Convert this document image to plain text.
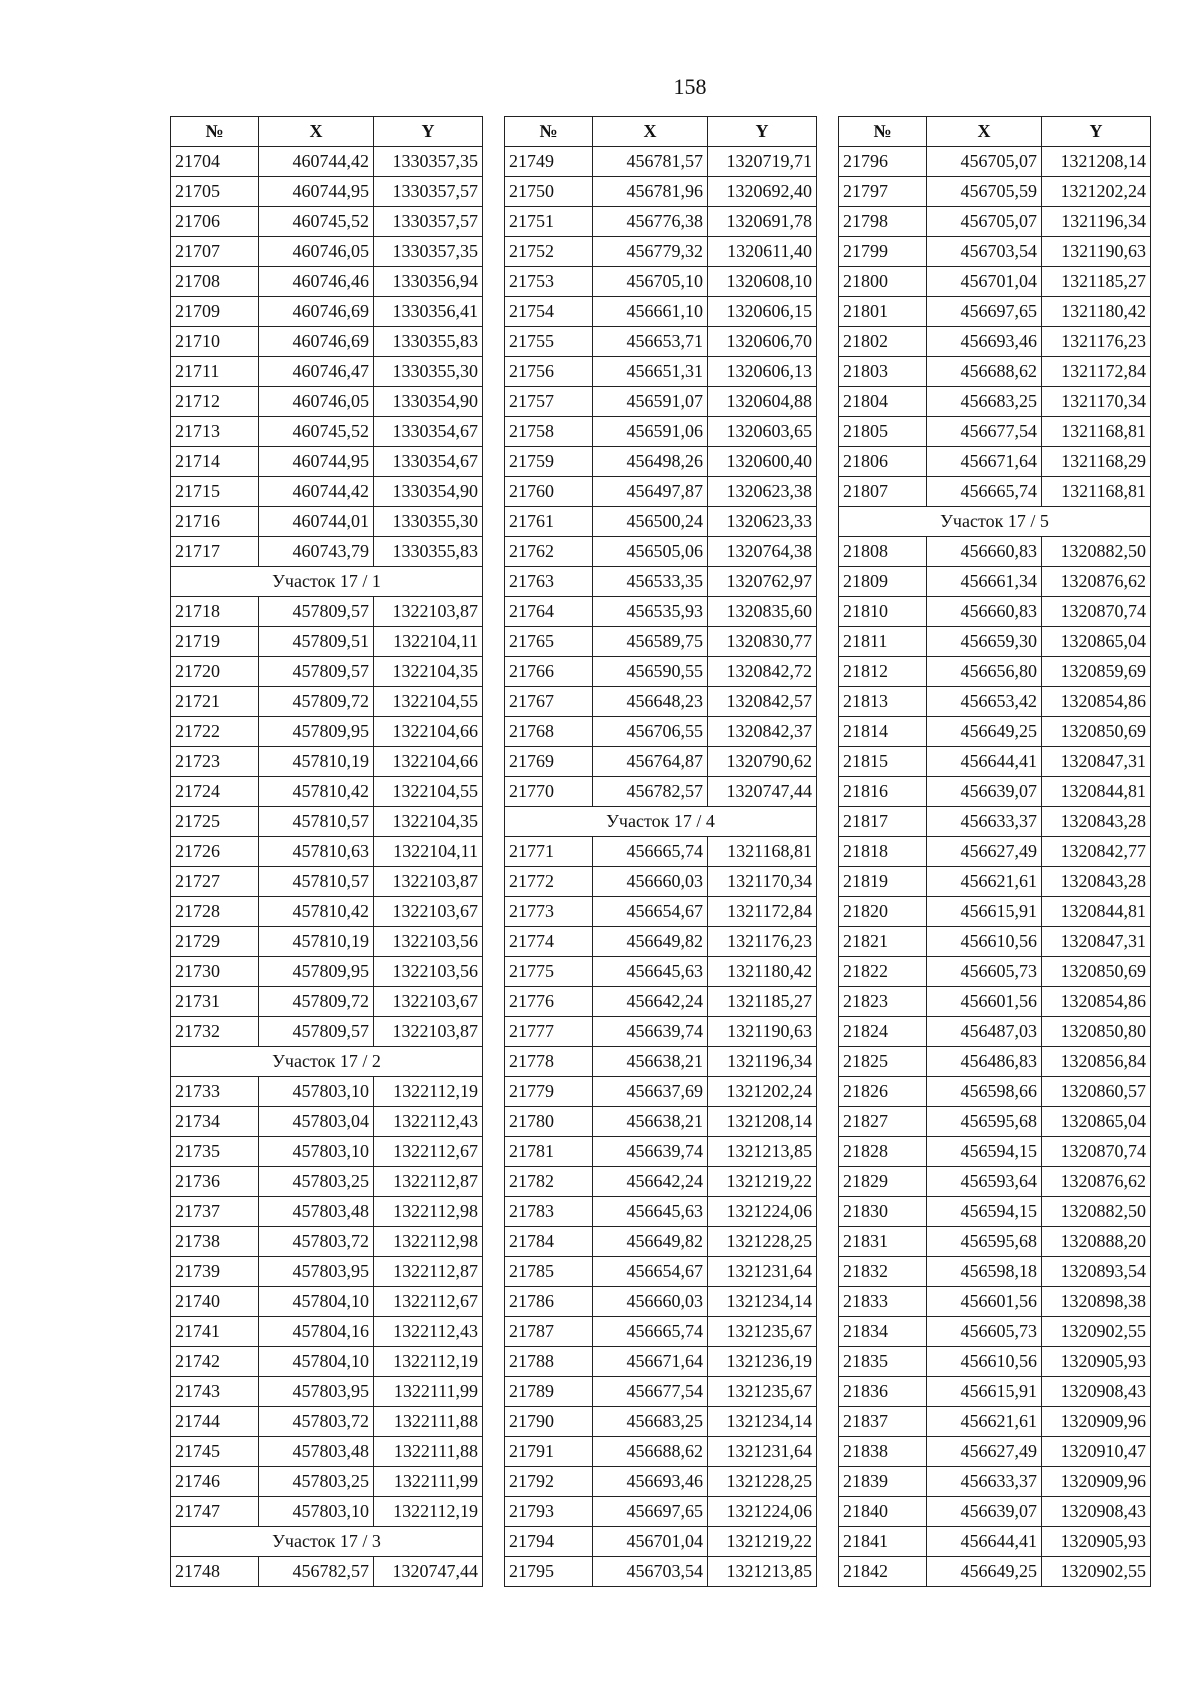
158
№	X	Y
21704	460744,42	1330357,35
21705	460744,95	1330357,57
21706	460745,52	1330357,57
21707	460746,05	1330357,35
21708	460746,46	1330356,94
21709	460746,69	1330356,41
21710	460746,69	1330355,83
21711	460746,47	1330355,30
21712	460746,05	1330354,90
21713	460745,52	1330354,67
21714	460744,95	1330354,67
21715	460744,42	1330354,90
21716	460744,01	1330355,30
21717	460743,79	1330355,83
Участок 17 / 1		
21718	457809,57	1322103,87
21719	457809,51	1322104,11
21720	457809,57	1322104,35
21721	457809,72	1322104,55
21722	457809,95	1322104,66
21723	457810,19	1322104,66
21724	457810,42	1322104,55
21725	457810,57	1322104,35
21726	457810,63	1322104,11
21727	457810,57	1322103,87
21728	457810,42	1322103,67
21729	457810,19	1322103,56
21730	457809,95	1322103,56
21731	457809,72	1322103,67
21732	457809,57	1322103,87
Участок 17 / 2		
21733	457803,10	1322112,19
21734	457803,04	1322112,43
21735	457803,10	1322112,67
21736	457803,25	1322112,87
21737	457803,48	1322112,98
21738	457803,72	1322112,98
21739	457803,95	1322112,87
21740	457804,10	1322112,67
21741	457804,16	1322112,43
21742	457804,10	1322112,19
21743	457803,95	1322111,99
21744	457803,72	1322111,88
21745	457803,48	1322111,88
21746	457803,25	1322111,99
21747	457803,10	1322112,19
Участок 17 / 3		
21748	456782,57	1320747,44
№	X	Y
21749	456781,57	1320719,71
21750	456781,96	1320692,40
21751	456776,38	1320691,78
21752	456779,32	1320611,40
21753	456705,10	1320608,10
21754	456661,10	1320606,15
21755	456653,71	1320606,70
21756	456651,31	1320606,13
21757	456591,07	1320604,88
21758	456591,06	1320603,65
21759	456498,26	1320600,40
21760	456497,87	1320623,38
21761	456500,24	1320623,33
21762	456505,06	1320764,38
21763	456533,35	1320762,97
21764	456535,93	1320835,60
21765	456589,75	1320830,77
21766	456590,55	1320842,72
21767	456648,23	1320842,57
21768	456706,55	1320842,37
21769	456764,87	1320790,62
21770	456782,57	1320747,44
Участок 17 / 4		
21771	456665,74	1321168,81
21772	456660,03	1321170,34
21773	456654,67	1321172,84
21774	456649,82	1321176,23
21775	456645,63	1321180,42
21776	456642,24	1321185,27
21777	456639,74	1321190,63
21778	456638,21	1321196,34
21779	456637,69	1321202,24
21780	456638,21	1321208,14
21781	456639,74	1321213,85
21782	456642,24	1321219,22
21783	456645,63	1321224,06
21784	456649,82	1321228,25
21785	456654,67	1321231,64
21786	456660,03	1321234,14
21787	456665,74	1321235,67
21788	456671,64	1321236,19
21789	456677,54	1321235,67
21790	456683,25	1321234,14
21791	456688,62	1321231,64
21792	456693,46	1321228,25
21793	456697,65	1321224,06
21794	456701,04	1321219,22
21795	456703,54	1321213,85
№	X	Y
21796	456705,07	1321208,14
21797	456705,59	1321202,24
21798	456705,07	1321196,34
21799	456703,54	1321190,63
21800	456701,04	1321185,27
21801	456697,65	1321180,42
21802	456693,46	1321176,23
21803	456688,62	1321172,84
21804	456683,25	1321170,34
21805	456677,54	1321168,81
21806	456671,64	1321168,29
21807	456665,74	1321168,81
Участок 17 / 5		
21808	456660,83	1320882,50
21809	456661,34	1320876,62
21810	456660,83	1320870,74
21811	456659,30	1320865,04
21812	456656,80	1320859,69
21813	456653,42	1320854,86
21814	456649,25	1320850,69
21815	456644,41	1320847,31
21816	456639,07	1320844,81
21817	456633,37	1320843,28
21818	456627,49	1320842,77
21819	456621,61	1320843,28
21820	456615,91	1320844,81
21821	456610,56	1320847,31
21822	456605,73	1320850,69
21823	456601,56	1320854,86
21824	456487,03	1320850,80
21825	456486,83	1320856,84
21826	456598,66	1320860,57
21827	456595,68	1320865,04
21828	456594,15	1320870,74
21829	456593,64	1320876,62
21830	456594,15	1320882,50
21831	456595,68	1320888,20
21832	456598,18	1320893,54
21833	456601,56	1320898,38
21834	456605,73	1320902,55
21835	456610,56	1320905,93
21836	456615,91	1320908,43
21837	456621,61	1320909,96
21838	456627,49	1320910,47
21839	456633,37	1320909,96
21840	456639,07	1320908,43
21841	456644,41	1320905,93
21842	456649,25	1320902,55
